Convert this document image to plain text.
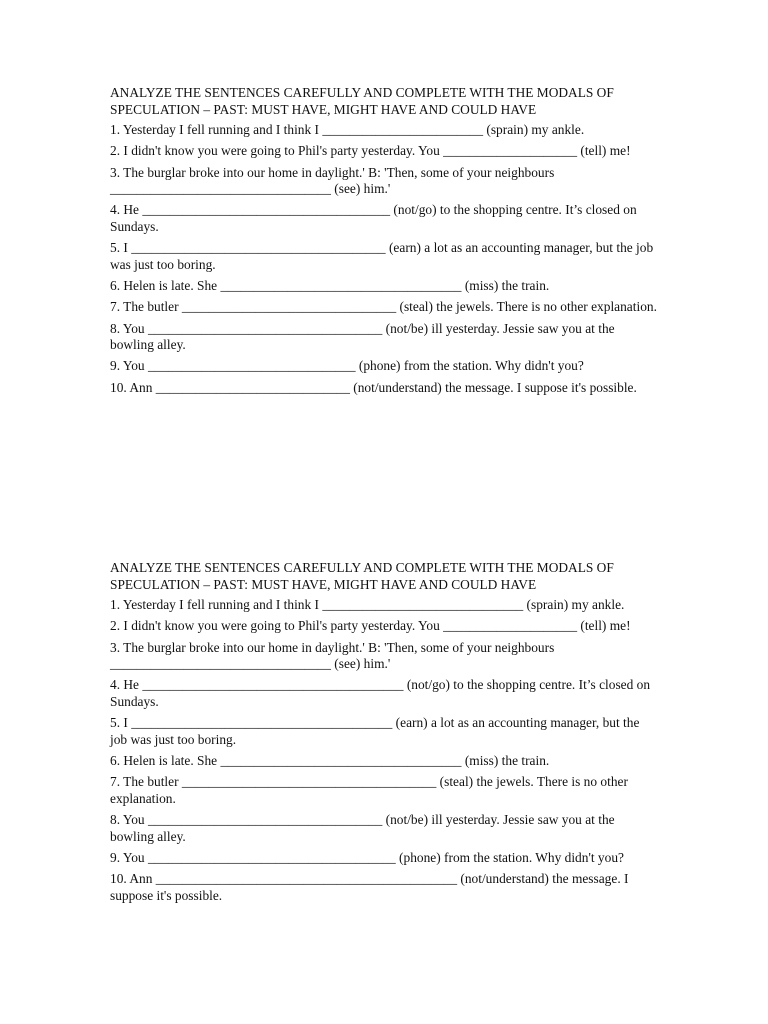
ANALYZE THE SENTENCES CAREFULLY AND COMPLETE WITH THE MODALS OF SPECULATION – PAST: MUST HAVE, MIGHT HAVE AND COULD HAVE

1. Yesterday I fell running and I think I ________________________ (sprain) my ankle.

2. I didn't know you were going to Phil's party yesterday. You ____________________ (tell) me!

3. The burglar broke into our home in daylight.' B: 'Then, some of your neighbours _________________________________ (see) him.'

4. He _____________________________________ (not/go) to the shopping centre. It’s closed on Sundays.

5. I ______________________________________ (earn) a lot as an accounting manager, but the job was just too boring.

6. Helen is late. She ____________________________________ (miss) the train.

7. The butler ________________________________ (steal) the jewels. There is no other explanation.

8. You ___________________________________ (not/be) ill yesterday. Jessie saw you at the bowling alley.

9. You _______________________________ (phone) from the station. Why didn't you?

10. Ann _____________________________ (not/understand) the message. I suppose it's possible.

ANALYZE THE SENTENCES CAREFULLY AND COMPLETE WITH THE MODALS OF SPECULATION – PAST: MUST HAVE, MIGHT HAVE AND COULD HAVE

1. Yesterday I fell running and I think I ______________________________ (sprain) my ankle.

2. I didn't know you were going to Phil's party yesterday. You ____________________ (tell) me!

3. The burglar broke into our home in daylight.' B: 'Then, some of your neighbours _________________________________ (see) him.'

4. He _______________________________________ (not/go) to the shopping centre. It’s closed on Sundays.

5. I _______________________________________ (earn) a lot as an accounting manager, but the job was just too boring.

6. Helen is late. She ____________________________________ (miss) the train.

7. The butler ______________________________________ (steal) the jewels. There is no other explanation.

8. You ___________________________________ (not/be) ill yesterday. Jessie saw you at the bowling alley.

9. You _____________________________________ (phone) from the station. Why didn't you?

10. Ann _____________________________________________ (not/understand) the message. I suppose it's possible.
